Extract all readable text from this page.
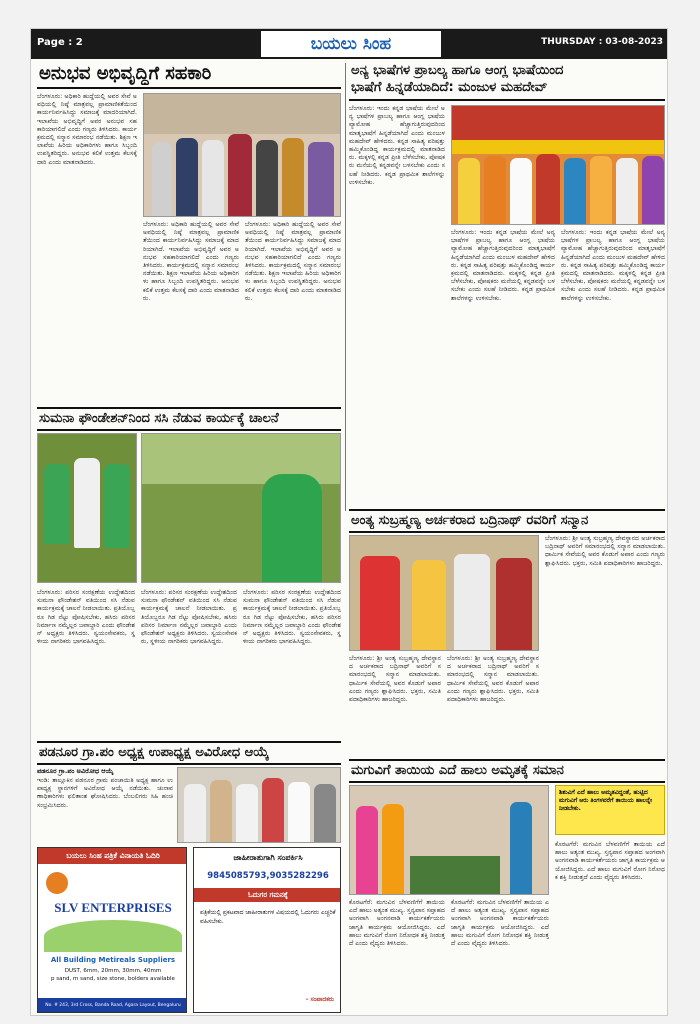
Page : 2	ಬಯಲು ಸಿಂಹ	THURSDAY : 03-08-2023
ಅನುಭವ ಅಭಿವೃದ್ಧಿಗೆ ಸಹಕಾರಿ
ಬೆಂಗಳೂರು: ಅಧಿಕಾರಿ ಹುದ್ದೆಯಲ್ಲಿ ಅವರ ಸೇವೆ ಅವಧಿಯಲ್ಲಿ ನಿಷ್ಠೆ ಮಾತ್ರವಲ್ಲ ಪ್ರಾಮಾಣಿಕತೆಯಿಂದ ಕಾರ್ಯನಿರ್ವಹಿಸಿದ್ದು ಸಮಾಜಕ್ಕೆ ಮಾದರಿಯಾಗಿದೆ. ಇಲಾಖೆಯ ಅಭಿವೃದ್ಧಿಗೆ ಅವರ ಅನುಭವ ಸಹಕಾರಿಯಾಗಲಿದೆ ಎಂದು ಗಣ್ಯರು ತಿಳಿಸಿದರು. ಕಾರ್ಯಕ್ರಮದಲ್ಲಿ ಸನ್ಮಾನ ಸಮಾರಂಭ ನಡೆಯಿತು. ಶಿಕ್ಷಣ ಇಲಾಖೆಯ ಹಿರಿಯ ಅಧಿಕಾರಿಗಳು ಹಾಗೂ ಸಿಬ್ಬಂದಿ ಉಪಸ್ಥಿತರಿದ್ದರು. ಅನುಭವ ಕಲಿಕೆ ಉತ್ತಮ ಕೆಲಸಕ್ಕೆ ದಾರಿ ಎಂದು ಮಾತನಾಡಿದರು.
ಬೆಂಗಳೂರು: ಅಧಿಕಾರಿ ಹುದ್ದೆಯಲ್ಲಿ ಅವರ ಸೇವೆ ಅವಧಿಯಲ್ಲಿ ನಿಷ್ಠೆ ಮಾತ್ರವಲ್ಲ ಪ್ರಾಮಾಣಿಕತೆಯಿಂದ ಕಾರ್ಯನಿರ್ವಹಿಸಿದ್ದು ಸಮಾಜಕ್ಕೆ ಮಾದರಿಯಾಗಿದೆ. ಇಲಾಖೆಯ ಅಭಿವೃದ್ಧಿಗೆ ಅವರ ಅನುಭವ ಸಹಕಾರಿಯಾಗಲಿದೆ ಎಂದು ಗಣ್ಯರು ತಿಳಿಸಿದರು. ಕಾರ್ಯಕ್ರಮದಲ್ಲಿ ಸನ್ಮಾನ ಸಮಾರಂಭ ನಡೆಯಿತು. ಶಿಕ್ಷಣ ಇಲಾಖೆಯ ಹಿರಿಯ ಅಧಿಕಾರಿಗಳು ಹಾಗೂ ಸಿಬ್ಬಂದಿ ಉಪಸ್ಥಿತರಿದ್ದರು. ಅನುಭವ ಕಲಿಕೆ ಉತ್ತಮ ಕೆಲಸಕ್ಕೆ ದಾರಿ ಎಂದು ಮಾತನಾಡಿದರು.
ಬೆಂಗಳೂರು: ಅಧಿಕಾರಿ ಹುದ್ದೆಯಲ್ಲಿ ಅವರ ಸೇವೆ ಅವಧಿಯಲ್ಲಿ ನಿಷ್ಠೆ ಮಾತ್ರವಲ್ಲ ಪ್ರಾಮಾಣಿಕತೆಯಿಂದ ಕಾರ್ಯನಿರ್ವಹಿಸಿದ್ದು ಸಮಾಜಕ್ಕೆ ಮಾದರಿಯಾಗಿದೆ. ಇಲಾಖೆಯ ಅಭಿವೃದ್ಧಿಗೆ ಅವರ ಅನುಭವ ಸಹಕಾರಿಯಾಗಲಿದೆ ಎಂದು ಗಣ್ಯರು ತಿಳಿಸಿದರು. ಕಾರ್ಯಕ್ರಮದಲ್ಲಿ ಸನ್ಮಾನ ಸಮಾರಂಭ ನಡೆಯಿತು. ಶಿಕ್ಷಣ ಇಲಾಖೆಯ ಹಿರಿಯ ಅಧಿಕಾರಿಗಳು ಹಾಗೂ ಸಿಬ್ಬಂದಿ ಉಪಸ್ಥಿತರಿದ್ದರು. ಅನುಭವ ಕಲಿಕೆ ಉತ್ತಮ ಕೆಲಸಕ್ಕೆ ದಾರಿ ಎಂದು ಮಾತನಾಡಿದರು.
ಅನ್ಯ ಭಾಷೆಗಳ ಪ್ರಾಬಲ್ಯ ಹಾಗೂ ಆಂಗ್ಲ ಭಾಷೆಯಿಂದ
ಭಾಷೆಗೆ ಹಿನ್ನಡೆಯಾದಿದೆ: ಮಂಜುಳ ಮಹದೇವ್
ಬೆಂಗಳೂರು: ಇಂದು ಕನ್ನಡ ಭಾಷೆಯ ಮೇಲೆ ಅನ್ಯ ಭಾಷೆಗಳ ಪ್ರಾಬಲ್ಯ ಹಾಗೂ ಆಂಗ್ಲ ಭಾಷೆಯ ವ್ಯಾಮೋಹ ಹೆಚ್ಚಾಗುತ್ತಿರುವುದರಿಂದ ಮಾತೃಭಾಷೆಗೆ ಹಿನ್ನಡೆಯಾಗಿದೆ ಎಂದು ಮಂಜುಳ ಮಹದೇವ್ ಹೇಳಿದರು. ಕನ್ನಡ ಸಾಹಿತ್ಯ ಪರಿಷತ್ತು ಹಮ್ಮಿಕೊಂಡಿದ್ದ ಕಾರ್ಯಕ್ರಮದಲ್ಲಿ ಮಾತನಾಡಿದರು. ಮಕ್ಕಳಲ್ಲಿ ಕನ್ನಡ ಪ್ರೀತಿ ಬೆಳೆಸಬೇಕು, ಪೋಷಕರು ಮನೆಯಲ್ಲಿ ಕನ್ನಡವನ್ನೇ ಬಳಸಬೇಕು ಎಂದು ಸಲಹೆ ನೀಡಿದರು. ಕನ್ನಡ ಪ್ರಾಥಮಿಕ ಶಾಲೆಗಳನ್ನು ಉಳಿಸಬೇಕು.
ಬೆಂಗಳೂರು: ಇಂದು ಕನ್ನಡ ಭಾಷೆಯ ಮೇಲೆ ಅನ್ಯ ಭಾಷೆಗಳ ಪ್ರಾಬಲ್ಯ ಹಾಗೂ ಆಂಗ್ಲ ಭಾಷೆಯ ವ್ಯಾಮೋಹ ಹೆಚ್ಚಾಗುತ್ತಿರುವುದರಿಂದ ಮಾತೃಭಾಷೆಗೆ ಹಿನ್ನಡೆಯಾಗಿದೆ ಎಂದು ಮಂಜುಳ ಮಹದೇವ್ ಹೇಳಿದರು. ಕನ್ನಡ ಸಾಹಿತ್ಯ ಪರಿಷತ್ತು ಹಮ್ಮಿಕೊಂಡಿದ್ದ ಕಾರ್ಯಕ್ರಮದಲ್ಲಿ ಮಾತನಾಡಿದರು. ಮಕ್ಕಳಲ್ಲಿ ಕನ್ನಡ ಪ್ರೀತಿ ಬೆಳೆಸಬೇಕು, ಪೋಷಕರು ಮನೆಯಲ್ಲಿ ಕನ್ನಡವನ್ನೇ ಬಳಸಬೇಕು ಎಂದು ಸಲಹೆ ನೀಡಿದರು. ಕನ್ನಡ ಪ್ರಾಥಮಿಕ ಶಾಲೆಗಳನ್ನು ಉಳಿಸಬೇಕು.
ಬೆಂಗಳೂರು: ಇಂದು ಕನ್ನಡ ಭಾಷೆಯ ಮೇಲೆ ಅನ್ಯ ಭಾಷೆಗಳ ಪ್ರಾಬಲ್ಯ ಹಾಗೂ ಆಂಗ್ಲ ಭಾಷೆಯ ವ್ಯಾಮೋಹ ಹೆಚ್ಚಾಗುತ್ತಿರುವುದರಿಂದ ಮಾತೃಭಾಷೆಗೆ ಹಿನ್ನಡೆಯಾಗಿದೆ ಎಂದು ಮಂಜುಳ ಮಹದೇವ್ ಹೇಳಿದರು. ಕನ್ನಡ ಸಾಹಿತ್ಯ ಪರಿಷತ್ತು ಹಮ್ಮಿಕೊಂಡಿದ್ದ ಕಾರ್ಯಕ್ರಮದಲ್ಲಿ ಮಾತನಾಡಿದರು. ಮಕ್ಕಳಲ್ಲಿ ಕನ್ನಡ ಪ್ರೀತಿ ಬೆಳೆಸಬೇಕು, ಪೋಷಕರು ಮನೆಯಲ್ಲಿ ಕನ್ನಡವನ್ನೇ ಬಳಸಬೇಕು ಎಂದು ಸಲಹೆ ನೀಡಿದರು. ಕನ್ನಡ ಪ್ರಾಥಮಿಕ ಶಾಲೆಗಳನ್ನು ಉಳಿಸಬೇಕು.
ಸುಮನಾ ಫೌಂಡೇಶನ್‍ನಿಂದ ಸಸಿ ನೆಡುವ ಕಾರ್ಯಕ್ಕೆ ಚಾಲನೆ
ಬೆಂಗಳೂರು: ಪರಿಸರ ಸಂರಕ್ಷಣೆಯ ಉದ್ದೇಶದಿಂದ ಸುಮನಾ ಫೌಂಡೇಶನ್ ವತಿಯಿಂದ ಸಸಿ ನೆಡುವ ಕಾರ್ಯಕ್ರಮಕ್ಕೆ ಚಾಲನೆ ನೀಡಲಾಯಿತು. ಪ್ರತಿಯೊಬ್ಬರೂ ಗಿಡ ನೆಟ್ಟು ಪೋಷಿಸಬೇಕು, ಹಸಿರು ಪರಿಸರ ನಿರ್ಮಾಣ ನಮ್ಮೆಲ್ಲರ ಜವಾಬ್ದಾರಿ ಎಂದು ಫೌಂಡೇಶನ್ ಅಧ್ಯಕ್ಷರು ತಿಳಿಸಿದರು. ಸ್ವಯಂಸೇವಕರು, ಸ್ಥಳೀಯ ನಾಗರಿಕರು ಭಾಗವಹಿಸಿದ್ದರು.
ಬೆಂಗಳೂರು: ಪರಿಸರ ಸಂರಕ್ಷಣೆಯ ಉದ್ದೇಶದಿಂದ ಸುಮನಾ ಫೌಂಡೇಶನ್ ವತಿಯಿಂದ ಸಸಿ ನೆಡುವ ಕಾರ್ಯಕ್ರಮಕ್ಕೆ ಚಾಲನೆ ನೀಡಲಾಯಿತು. ಪ್ರತಿಯೊಬ್ಬರೂ ಗಿಡ ನೆಟ್ಟು ಪೋಷಿಸಬೇಕು, ಹಸಿರು ಪರಿಸರ ನಿರ್ಮಾಣ ನಮ್ಮೆಲ್ಲರ ಜವಾಬ್ದಾರಿ ಎಂದು ಫೌಂಡೇಶನ್ ಅಧ್ಯಕ್ಷರು ತಿಳಿಸಿದರು. ಸ್ವಯಂಸೇವಕರು, ಸ್ಥಳೀಯ ನಾಗರಿಕರು ಭಾಗವಹಿಸಿದ್ದರು.
ಬೆಂಗಳೂರು: ಪರಿಸರ ಸಂರಕ್ಷಣೆಯ ಉದ್ದೇಶದಿಂದ ಸುಮನಾ ಫೌಂಡೇಶನ್ ವತಿಯಿಂದ ಸಸಿ ನೆಡುವ ಕಾರ್ಯಕ್ರಮಕ್ಕೆ ಚಾಲನೆ ನೀಡಲಾಯಿತು. ಪ್ರತಿಯೊಬ್ಬರೂ ಗಿಡ ನೆಟ್ಟು ಪೋಷಿಸಬೇಕು, ಹಸಿರು ಪರಿಸರ ನಿರ್ಮಾಣ ನಮ್ಮೆಲ್ಲರ ಜವಾಬ್ದಾರಿ ಎಂದು ಫೌಂಡೇಶನ್ ಅಧ್ಯಕ್ಷರು ತಿಳಿಸಿದರು. ಸ್ವಯಂಸೇವಕರು, ಸ್ಥಳೀಯ ನಾಗರಿಕರು ಭಾಗವಹಿಸಿದ್ದರು.
ಅಂತ್ಯ ಸುಬ್ರಹ್ಮಣ್ಯ ಅರ್ಚಕರಾದ ಬದ್ರಿನಾಥ್ ರವರಿಗೆ ಸನ್ಮಾನ
ಬೆಂಗಳೂರು: ಶ್ರೀ ಅಂತ್ಯ ಸುಬ್ರಹ್ಮಣ್ಯ ದೇವಸ್ಥಾನದ ಅರ್ಚಕರಾದ ಬದ್ರಿನಾಥ್ ಅವರಿಗೆ ಸಮಾರಂಭದಲ್ಲಿ ಸನ್ಮಾನ ಮಾಡಲಾಯಿತು. ಧಾರ್ಮಿಕ ಸೇವೆಯಲ್ಲಿ ಅವರ ಕೊಡುಗೆ ಅಪಾರ ಎಂದು ಗಣ್ಯರು ಶ್ಲಾಘಿಸಿದರು. ಭಕ್ತರು, ಸಮಿತಿ ಪದಾಧಿಕಾರಿಗಳು ಹಾಜರಿದ್ದರು.
ಬೆಂಗಳೂರು: ಶ್ರೀ ಅಂತ್ಯ ಸುಬ್ರಹ್ಮಣ್ಯ ದೇವಸ್ಥಾನದ ಅರ್ಚಕರಾದ ಬದ್ರಿನಾಥ್ ಅವರಿಗೆ ಸಮಾರಂಭದಲ್ಲಿ ಸನ್ಮಾನ ಮಾಡಲಾಯಿತು. ಧಾರ್ಮಿಕ ಸೇವೆಯಲ್ಲಿ ಅವರ ಕೊಡುಗೆ ಅಪಾರ ಎಂದು ಗಣ್ಯರು ಶ್ಲಾಘಿಸಿದರು. ಭಕ್ತರು, ಸಮಿತಿ ಪದಾಧಿಕಾರಿಗಳು ಹಾಜರಿದ್ದರು.
ಬೆಂಗಳೂರು: ಶ್ರೀ ಅಂತ್ಯ ಸುಬ್ರಹ್ಮಣ್ಯ ದೇವಸ್ಥಾನದ ಅರ್ಚಕರಾದ ಬದ್ರಿನಾಥ್ ಅವರಿಗೆ ಸಮಾರಂಭದಲ್ಲಿ ಸನ್ಮಾನ ಮಾಡಲಾಯಿತು. ಧಾರ್ಮಿಕ ಸೇವೆಯಲ್ಲಿ ಅವರ ಕೊಡುಗೆ ಅಪಾರ ಎಂದು ಗಣ್ಯರು ಶ್ಲಾಘಿಸಿದರು. ಭಕ್ತರು, ಸಮಿತಿ ಪದಾಧಿಕಾರಿಗಳು ಹಾಜರಿದ್ದರು.
ಪಡನೂರ ಗ್ರಾ.ಪಂ ಅಧ್ಯಕ್ಷ ಉಪಾಧ್ಯಕ್ಷ ಅವಿರೋಧ ಆಯ್ಕೆ
ಪಡನೂರ ಗ್ರಾ.ಪಂ ಅವಿರೋಧ ಆಯ್ಕೆ
ಇಂಡಿ: ತಾಲ್ಲೂಕಿನ ಪಡನೂರ ಗ್ರಾಮ ಪಂಚಾಯಿತಿ ಅಧ್ಯಕ್ಷ ಹಾಗೂ ಉಪಾಧ್ಯಕ್ಷ ಸ್ಥಾನಗಳಿಗೆ ಅವಿರೋಧ ಆಯ್ಕೆ ನಡೆಯಿತು. ಚುನಾವಣಾಧಿಕಾರಿಗಳು ಫಲಿತಾಂಶ ಘೋಷಿಸಿದರು. ಬೆಂಬಲಿಗರು ಸಿಹಿ ಹಂಚಿ ಸಂಭ್ರಮಿಸಿದರು.
ಬಯಲು ಸಿಂಹ ಪತ್ರಿಕೆ ವಿನಾಯತಿ ಓದಿರಿ
SLV ENTERPRISES
All Building Metireals Suppliers
DUST, 6mm, 20mm, 30mm, 40mm
p sand, m sand, size stone, bolders available
No. # 243, 3rd Cross, Banda Road, Agara Layout, Bengaluru
ಜಾಹೀರಾತುಗಾಗಿ ಸಂಪರ್ಕಿಸಿ
9845085793,9035282296
ಓದುಗರ ಗಮನಕ್ಕೆ
ಪತ್ರಿಕೆಯಲ್ಲಿ ಪ್ರಕಟವಾದ ಜಾಹೀರಾತುಗಳ ವಿಷಯದಲ್ಲಿ ಓದುಗರು ಎಚ್ಚರಿಕೆ ವಹಿಸಬೇಕು.
– ಸಂಪಾದಕರು
ಮಗುವಿಗೆ ತಾಯಿಯ ಎದೆ ಹಾಲು ಅಮೃತಕ್ಕೆ ಸಮಾನ
ಶಿಶುವಿಗೆ ಎದೆ ಹಾಲು ಅಮೃತವಿದ್ದಂತೆ, ಹುಟ್ಟಿದ ಮಗುವಿಗೆ ಆರು ತಿಂಗಳವರೆಗೆ ತಾಯಿಯ ಹಾಲನ್ನೇ ನೀಡಬೇಕು.
ಕೊರಟಗೆರೆ: ಮಗುವಿನ ಬೆಳವಣಿಗೆಗೆ ತಾಯಿಯ ಎದೆ ಹಾಲು ಅತ್ಯಂತ ಮುಖ್ಯ. ಸ್ತನ್ಯಪಾನ ಸಪ್ತಾಹದ ಅಂಗವಾಗಿ ಅಂಗನವಾಡಿ ಕಾರ್ಯಕರ್ತೆಯರು ಜಾಗೃತಿ ಕಾರ್ಯಕ್ರಮ ಆಯೋಜಿಸಿದ್ದರು. ಎದೆ ಹಾಲು ಮಗುವಿಗೆ ರೋಗ ನಿರೋಧಕ ಶಕ್ತಿ ನೀಡುತ್ತದೆ ಎಂದು ವೈದ್ಯರು ತಿಳಿಸಿದರು.
ಕೊರಟಗೆರೆ: ಮಗುವಿನ ಬೆಳವಣಿಗೆಗೆ ತಾಯಿಯ ಎದೆ ಹಾಲು ಅತ್ಯಂತ ಮುಖ್ಯ. ಸ್ತನ್ಯಪಾನ ಸಪ್ತಾಹದ ಅಂಗವಾಗಿ ಅಂಗನವಾಡಿ ಕಾರ್ಯಕರ್ತೆಯರು ಜಾಗೃತಿ ಕಾರ್ಯಕ್ರಮ ಆಯೋಜಿಸಿದ್ದರು. ಎದೆ ಹಾಲು ಮಗುವಿಗೆ ರೋಗ ನಿರೋಧಕ ಶಕ್ತಿ ನೀಡುತ್ತದೆ ಎಂದು ವೈದ್ಯರು ತಿಳಿಸಿದರು.
ಕೊರಟಗೆರೆ: ಮಗುವಿನ ಬೆಳವಣಿಗೆಗೆ ತಾಯಿಯ ಎದೆ ಹಾಲು ಅತ್ಯಂತ ಮುಖ್ಯ. ಸ್ತನ್ಯಪಾನ ಸಪ್ತಾಹದ ಅಂಗವಾಗಿ ಅಂಗನವಾಡಿ ಕಾರ್ಯಕರ್ತೆಯರು ಜಾಗೃತಿ ಕಾರ್ಯಕ್ರಮ ಆಯೋಜಿಸಿದ್ದರು. ಎದೆ ಹಾಲು ಮಗುವಿಗೆ ರೋಗ ನಿರೋಧಕ ಶಕ್ತಿ ನೀಡುತ್ತದೆ ಎಂದು ವೈದ್ಯರು ತಿಳಿಸಿದರು.
